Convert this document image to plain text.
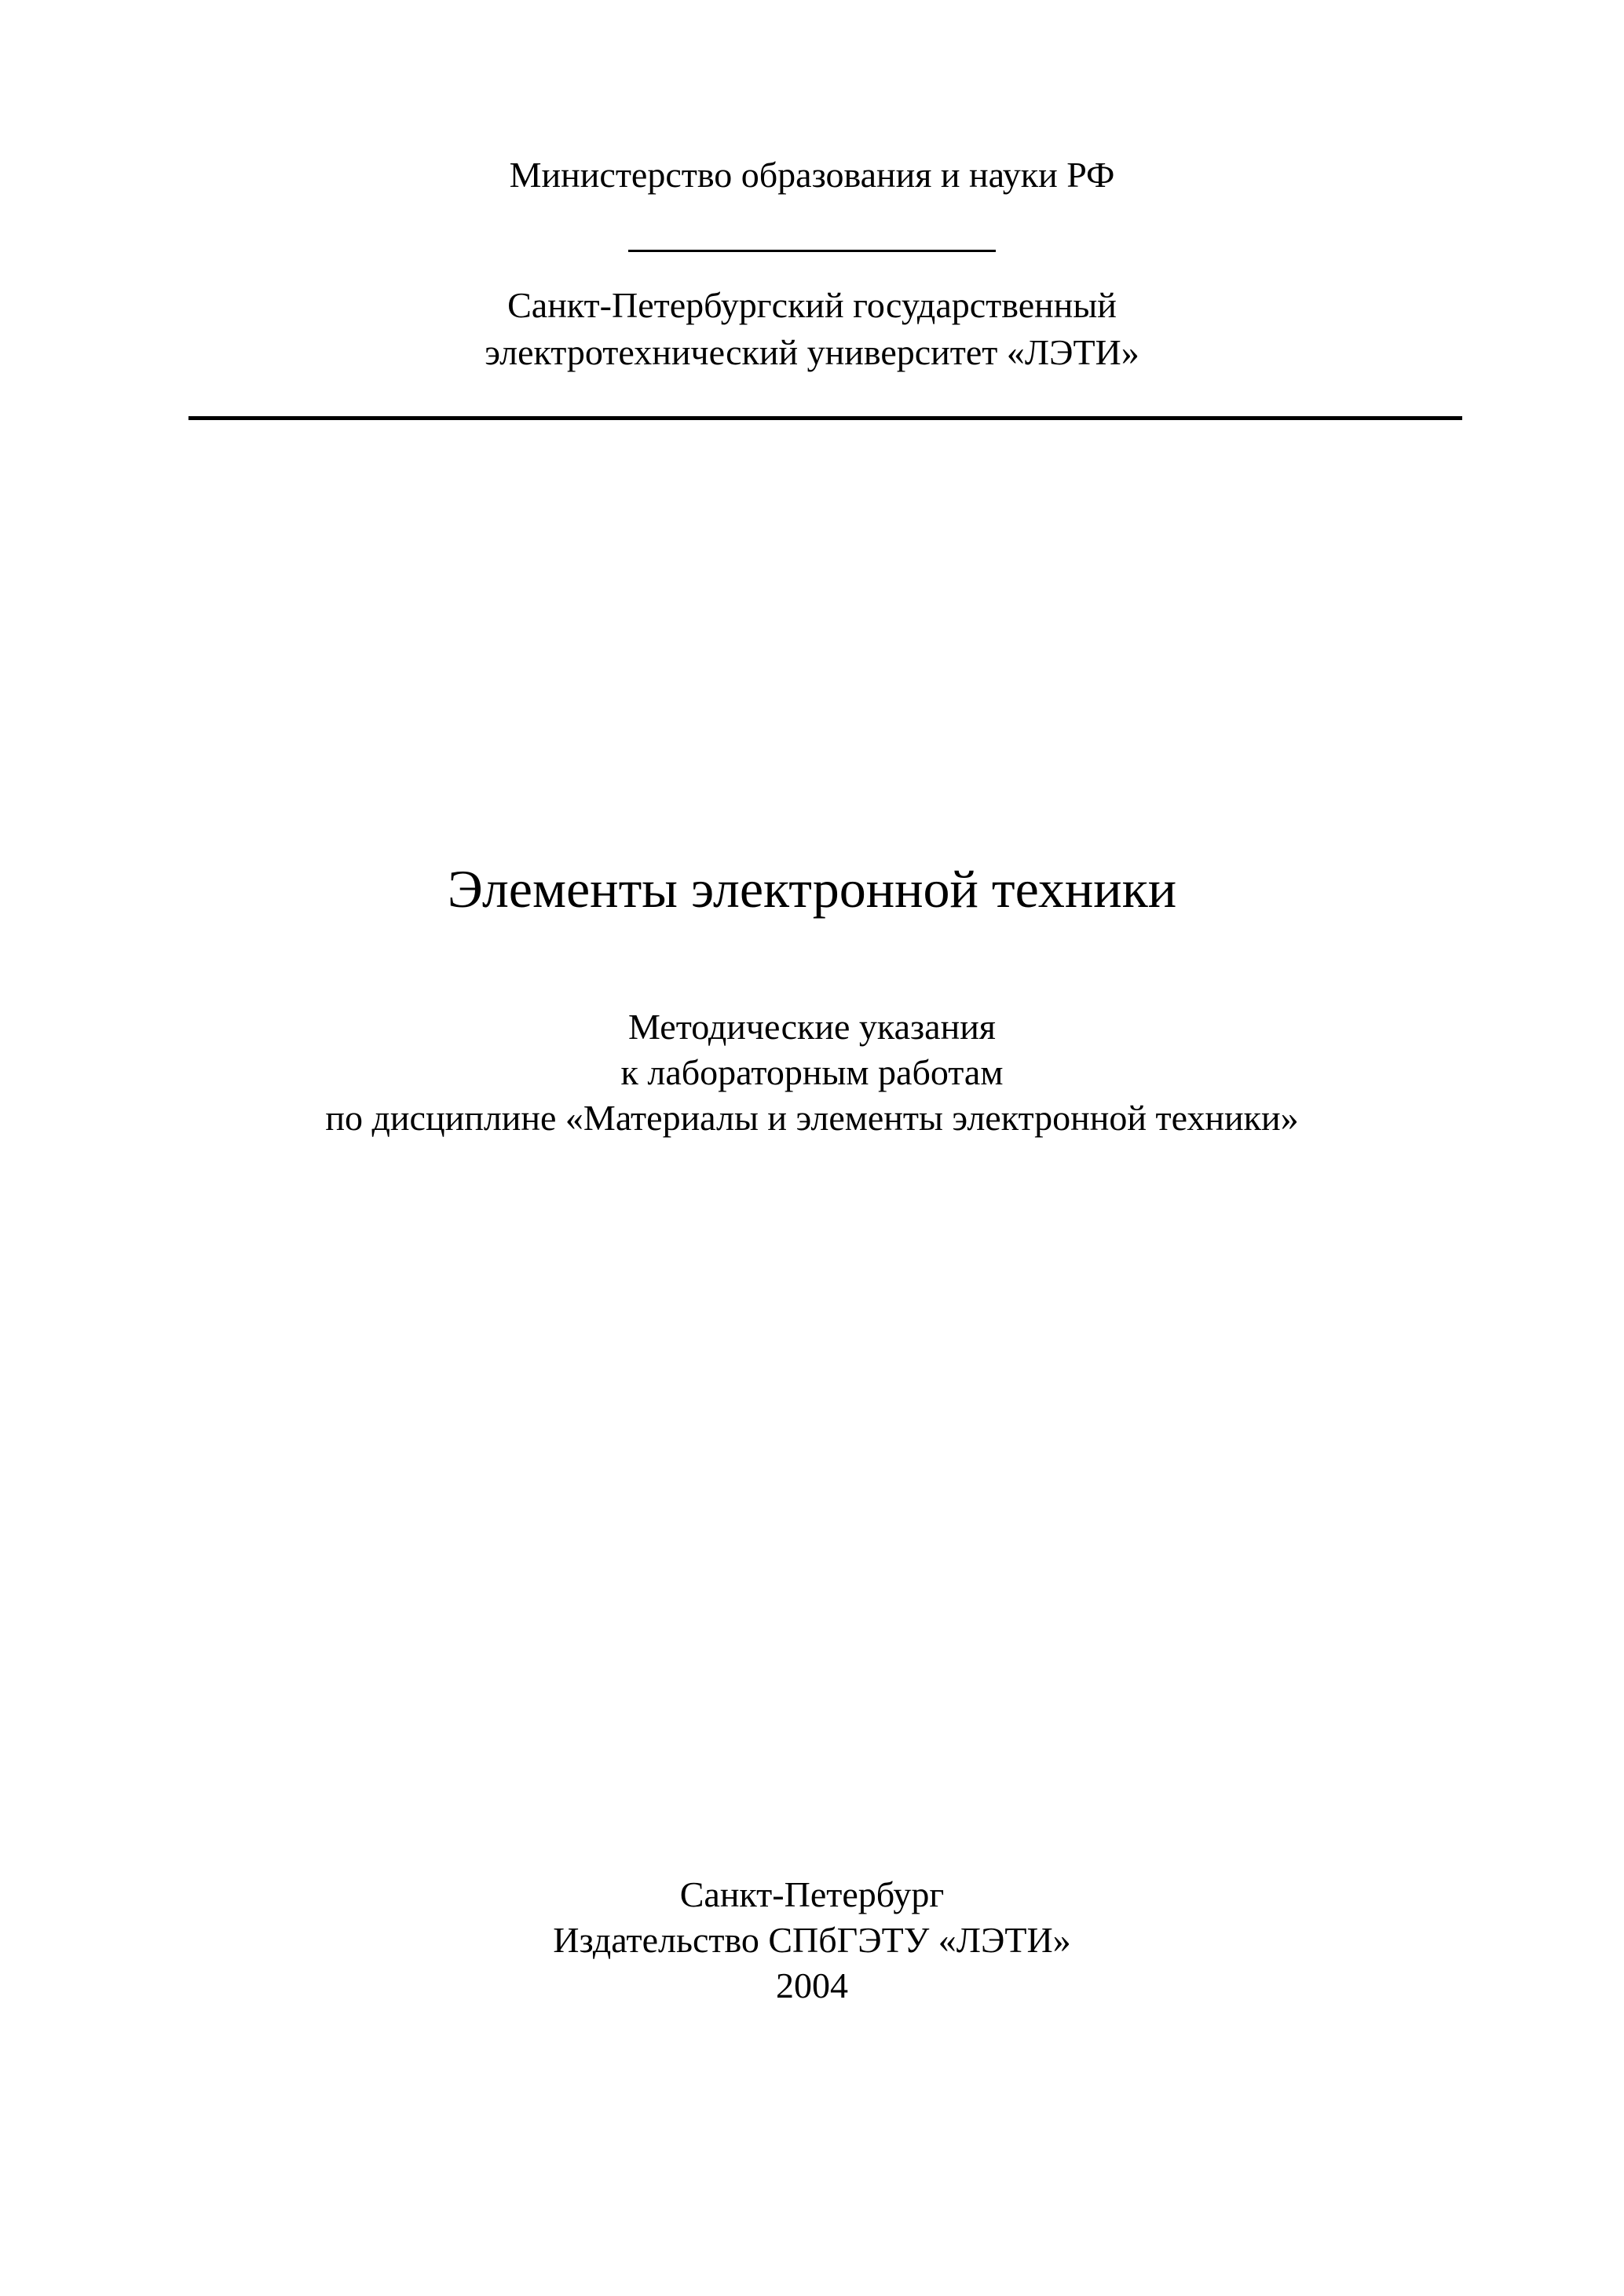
Министерство образования и науки РФ
Санкт-Петербургский государственный
электротехнический университет «ЛЭТИ»
Элементы электронной техники
Методические указания
к лабораторным работам
по дисциплине «Материалы и элементы электронной техники»
Санкт-Петербург
Издательство СПбГЭТУ «ЛЭТИ»
2004
